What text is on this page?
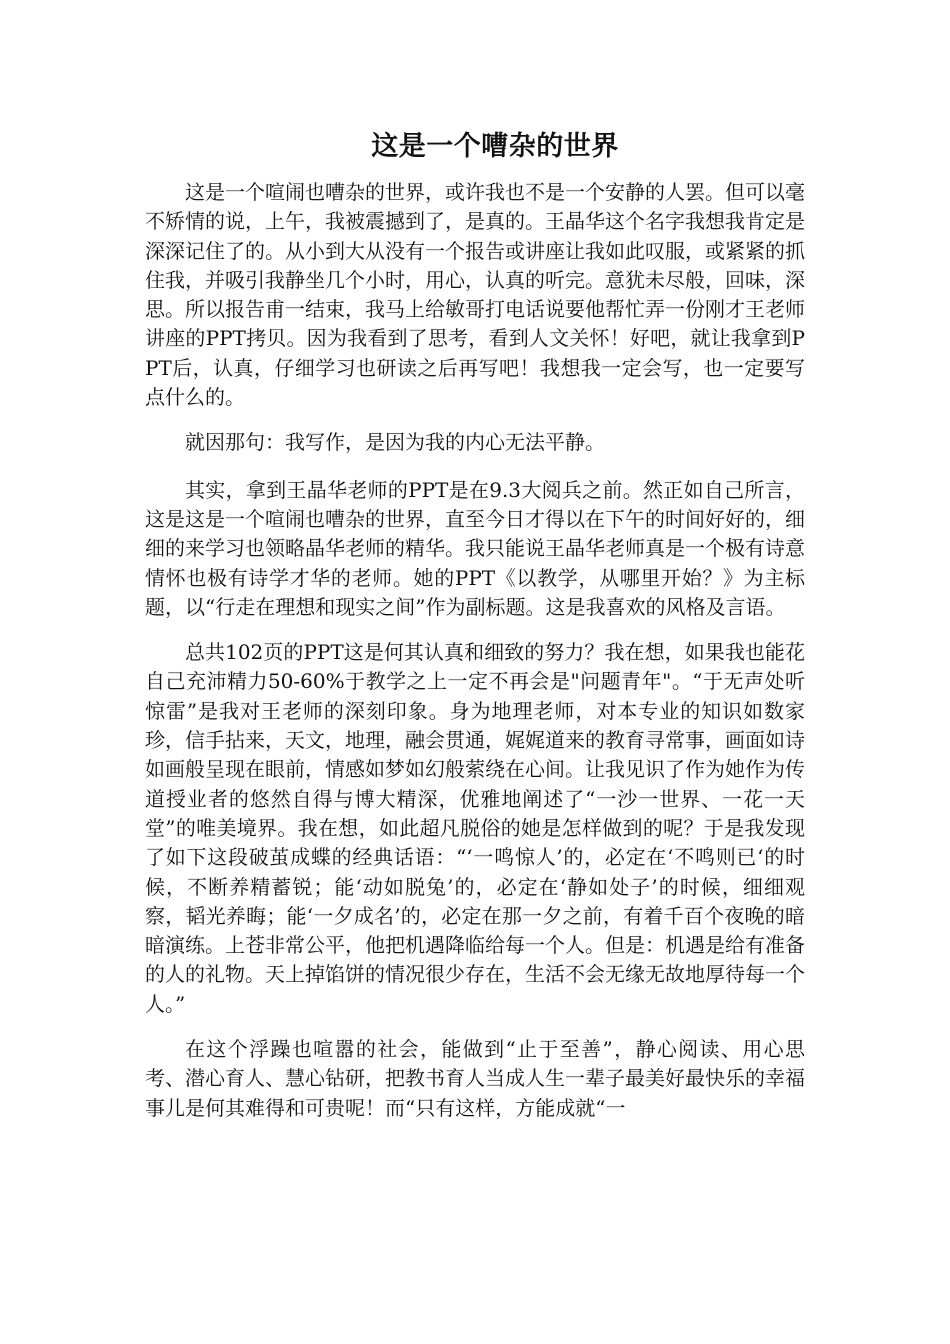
这是一个嘈杂的世界

这是一个喧闹也嘈杂的世界，或许我也不是一个安静的人罢。但可以毫不矫情的说，上午，我被震撼到了，是真的。王晶华这个名字我想我肯定是深深记住了的。从小到大从没有一个报告或讲座让我如此叹服，或紧紧的抓住我，并吸引我静坐几个小时，用心，认真的听完。意犹未尽般，回味，深思。所以报告甫一结束，我马上给敏哥打电话说要他帮忙弄一份刚才王老师讲座的PPT拷贝。因为我看到了思考，看到人文关怀！好吧，就让我拿到PPT后，认真，仔细学习也研读之后再写吧！我想我一定会写，也一定要写点什么的。

就因那句：我写作，是因为我的内心无法平静。

其实，拿到王晶华老师的PPT是在9.3大阅兵之前。然正如自己所言，这是这是一个喧闹也嘈杂的世界，直至今日才得以在下午的时间好好的，细细的来学习也领略晶华老师的精华。我只能说王晶华老师真是一个极有诗意情怀也极有诗学才华的老师。她的PPT《以教学，从哪里开始？》为主标题，以“行走在理想和现实之间”作为副标题。这是我喜欢的风格及言语。

总共102页的PPT这是何其认真和细致的努力？我在想，如果我也能花自己充沛精力50-60%于教学之上一定不再会是"问题青年"。“于无声处听惊雷”是我对王老师的深刻印象。身为地理老师，对本专业的知识如数家珍，信手拈来，天文，地理，融会贯通，娓娓道来的教育寻常事，画面如诗如画般呈现在眼前，情感如梦如幻般萦绕在心间。让我见识了作为她作为传道授业者的悠然自得与博大精深，优雅地阐述了“一沙一世界、一花一天堂”的唯美境界。我在想，如此超凡脱俗的她是怎样做到的呢？于是我发现了如下这段破茧成蝶的经典话语：“‘一鸣惊人’的，必定在‘不鸣则已‘的时候，不断养精蓄锐；能‘动如脱兔’的，必定在‘静如处子’的时候，细细观察，韬光养晦；能‘一夕成名’的，必定在那一夕之前，有着千百个夜晚的暗暗演练。上苍非常公平，他把机遇降临给每一个人。但是：机遇是给有准备的人的礼物。天上掉馅饼的情况很少存在，生活不会无缘无故地厚待每一个人。”

在这个浮躁也喧嚣的社会，能做到“止于至善”，静心阅读、用心思考、潜心育人、慧心钻研，把教书育人当成人生一辈子最美好最快乐的幸福事儿是何其难得和可贵呢！而“只有这样，方能成就“一
